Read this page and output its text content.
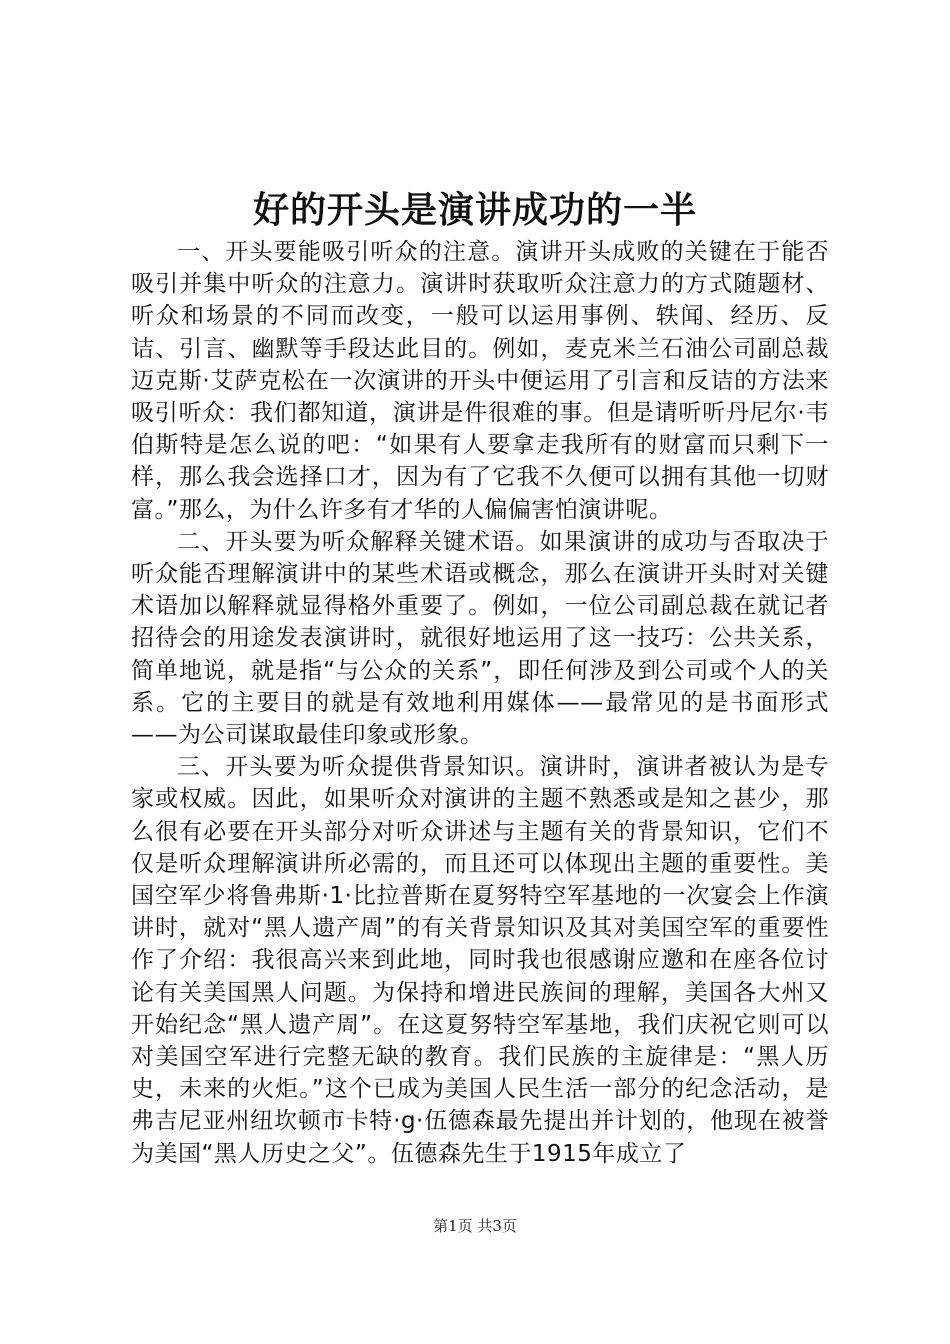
好的开头是演讲成功的一半

一、开头要能吸引听众的注意。演讲开头成败的关键在于能否吸引并集中听众的注意力。演讲时获取听众注意力的方式随题材、听众和场景的不同而改变，一般可以运用事例、轶闻、经历、反诘、引言、幽默等手段达此目的。例如，麦克米兰石油公司副总裁迈克斯·艾萨克松在一次演讲的开头中便运用了引言和反诘的方法来吸引听众：我们都知道，演讲是件很难的事。但是请听听丹尼尔·韦伯斯特是怎么说的吧：“如果有人要拿走我所有的财富而只剩下一样，那么我会选择口才，因为有了它我不久便可以拥有其他一切财富。”那么，为什么许多有才华的人偏偏害怕演讲呢。

二、开头要为听众解释关键术语。如果演讲的成功与否取决于听众能否理解演讲中的某些术语或概念，那么在演讲开头时对关键术语加以解释就显得格外重要了。例如，一位公司副总裁在就记者招待会的用途发表演讲时，就很好地运用了这一技巧：公共关系，简单地说，就是指“与公众的关系”，即任何涉及到公司或个人的关系。它的主要目的就是有效地利用媒体——最常见的是书面形式——为公司谋取最佳印象或形象。

三、开头要为听众提供背景知识。演讲时，演讲者被认为是专家或权威。因此，如果听众对演讲的主题不熟悉或是知之甚少，那么很有必要在开头部分对听众讲述与主题有关的背景知识，它们不仅是听众理解演讲所必需的，而且还可以体现出主题的重要性。美国空军少将鲁弗斯·1·比拉普斯在夏努特空军基地的一次宴会上作演讲时，就对“黑人遗产周”的有关背景知识及其对美国空军的重要性作了介绍：我很高兴来到此地，同时我也很感谢应邀和在座各位讨论有关美国黑人问题。为保持和增进民族间的理解，美国各大州又开始纪念“黑人遗产周”。在这夏努特空军基地，我们庆祝它则可以对美国空军进行完整无缺的教育。我们民族的主旋律是：“黑人历史，未来的火炬。”这个已成为美国人民生活一部分的纪念活动，是弗吉尼亚州纽坎顿市卡特·g·伍德森最先提出并计划的，他现在被誉为美国“黑人历史之父”。伍德森先生于1915年成立了

第1页 共3页
